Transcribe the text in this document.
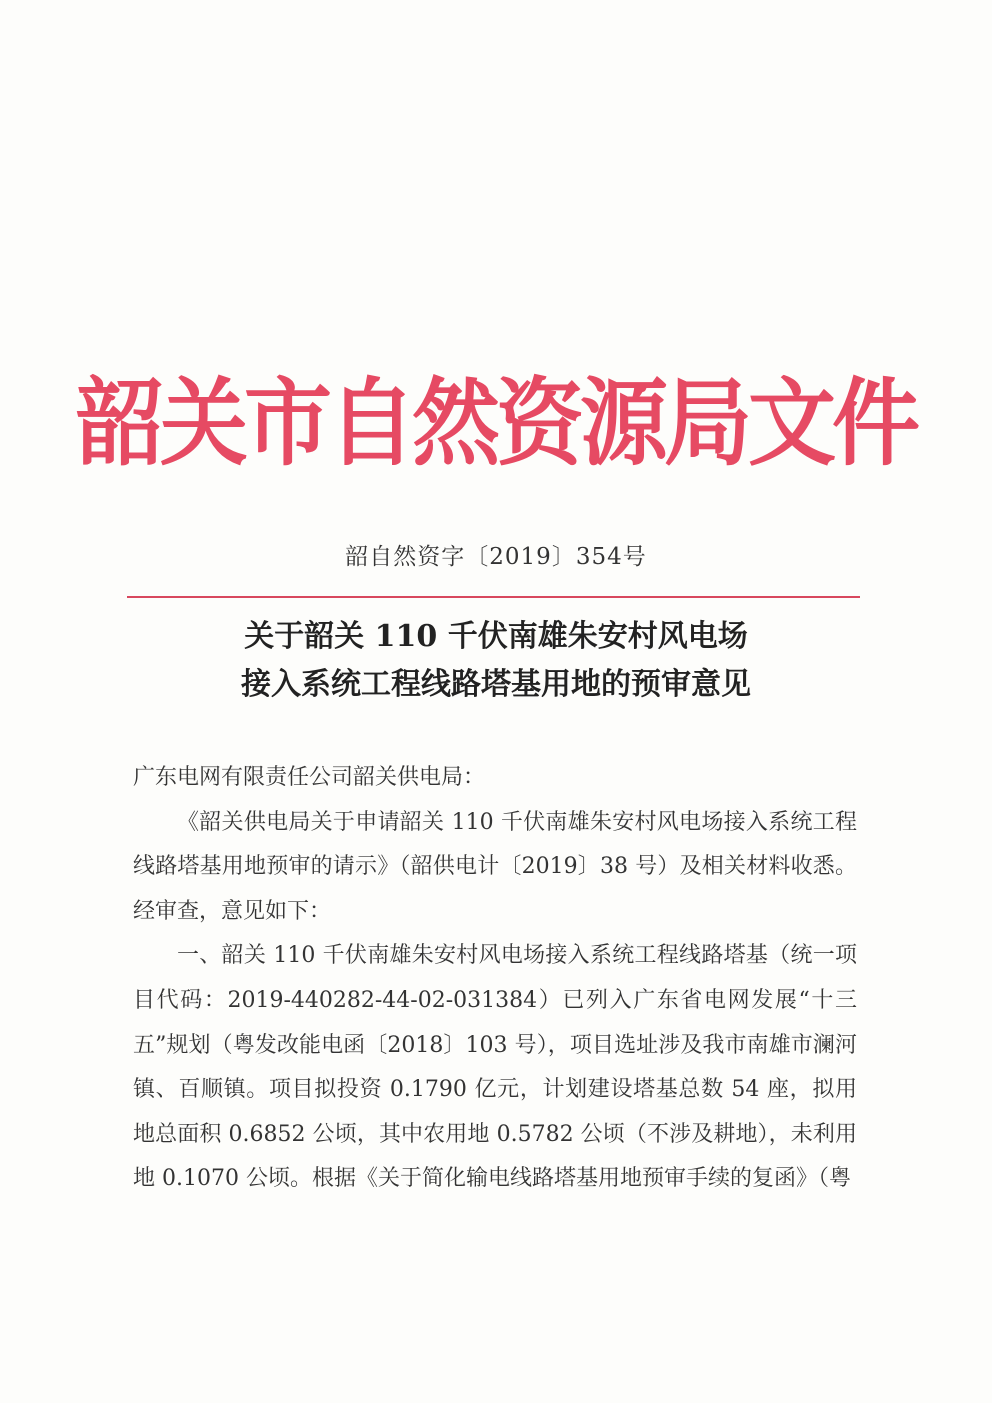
韶关市自然资源局文件
韶自然资字〔2019〕354号
关于韶关 110 千伏南雄朱安村风电场
接入系统工程线路塔基用地的预审意见

广东电网有限责任公司韶关供电局：

《韶关供电局关于申请韶关 110 千伏南雄朱安村风电场接入系统工程线路塔基用地预审的请示》（韶供电计〔2019〕38 号）及相关材料收悉。经审查，意见如下：

一、韶关 110 千伏南雄朱安村风电场接入系统工程线路塔基（统一项目代码：2019-440282-44-02-031384）已列入广东省电网发展“十三五”规划（粤发改能电函〔2018〕103 号），项目选址涉及我市南雄市澜河镇、百顺镇。项目拟投资 0.1790 亿元，计划建设塔基总数 54 座，拟用地总面积 0.6852 公顷，其中农用地 0.5782 公顷（不涉及耕地），未利用地 0.1070 公顷。根据《关于简化输电线路塔基用地预审手续的复函》（粤
